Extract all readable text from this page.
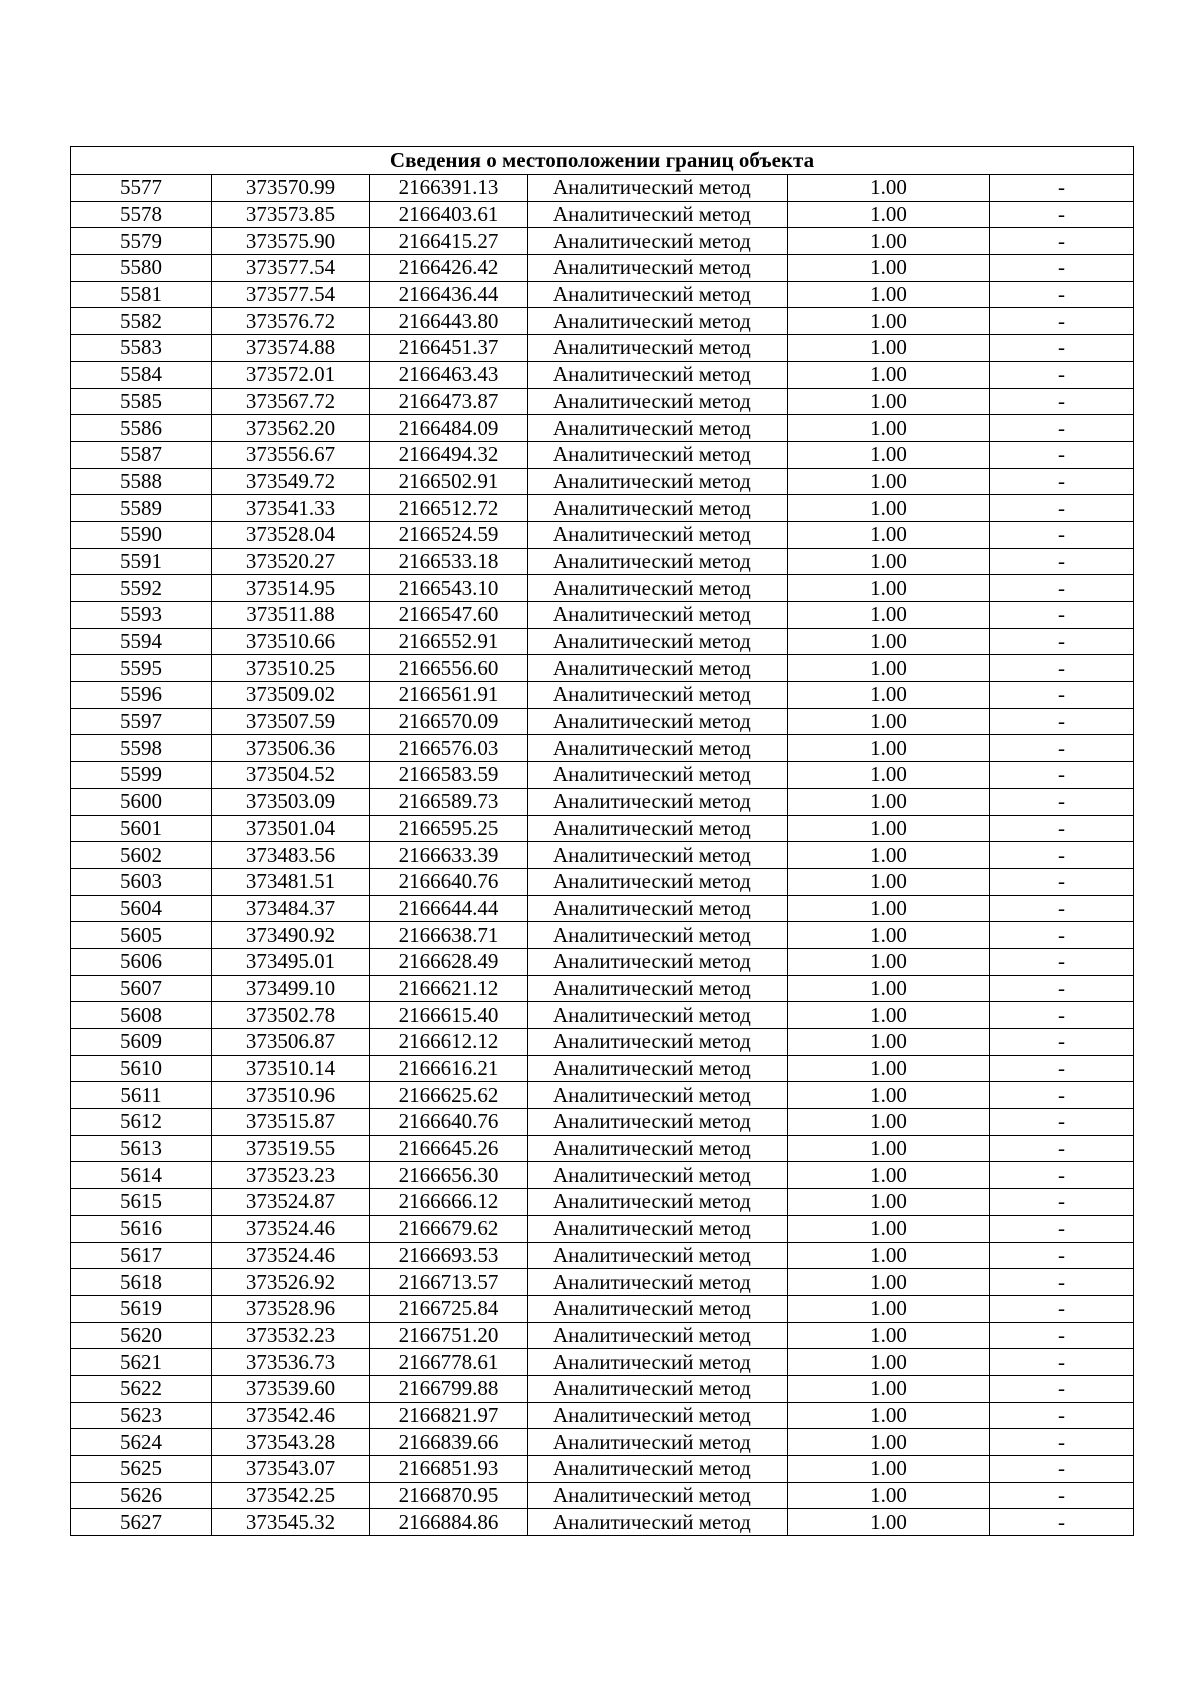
Сведения о местоположении границ объекта					
5577	373570.99	2166391.13	Аналитический метод	1.00	-
5578	373573.85	2166403.61	Аналитический метод	1.00	-
5579	373575.90	2166415.27	Аналитический метод	1.00	-
5580	373577.54	2166426.42	Аналитический метод	1.00	-
5581	373577.54	2166436.44	Аналитический метод	1.00	-
5582	373576.72	2166443.80	Аналитический метод	1.00	-
5583	373574.88	2166451.37	Аналитический метод	1.00	-
5584	373572.01	2166463.43	Аналитический метод	1.00	-
5585	373567.72	2166473.87	Аналитический метод	1.00	-
5586	373562.20	2166484.09	Аналитический метод	1.00	-
5587	373556.67	2166494.32	Аналитический метод	1.00	-
5588	373549.72	2166502.91	Аналитический метод	1.00	-
5589	373541.33	2166512.72	Аналитический метод	1.00	-
5590	373528.04	2166524.59	Аналитический метод	1.00	-
5591	373520.27	2166533.18	Аналитический метод	1.00	-
5592	373514.95	2166543.10	Аналитический метод	1.00	-
5593	373511.88	2166547.60	Аналитический метод	1.00	-
5594	373510.66	2166552.91	Аналитический метод	1.00	-
5595	373510.25	2166556.60	Аналитический метод	1.00	-
5596	373509.02	2166561.91	Аналитический метод	1.00	-
5597	373507.59	2166570.09	Аналитический метод	1.00	-
5598	373506.36	2166576.03	Аналитический метод	1.00	-
5599	373504.52	2166583.59	Аналитический метод	1.00	-
5600	373503.09	2166589.73	Аналитический метод	1.00	-
5601	373501.04	2166595.25	Аналитический метод	1.00	-
5602	373483.56	2166633.39	Аналитический метод	1.00	-
5603	373481.51	2166640.76	Аналитический метод	1.00	-
5604	373484.37	2166644.44	Аналитический метод	1.00	-
5605	373490.92	2166638.71	Аналитический метод	1.00	-
5606	373495.01	2166628.49	Аналитический метод	1.00	-
5607	373499.10	2166621.12	Аналитический метод	1.00	-
5608	373502.78	2166615.40	Аналитический метод	1.00	-
5609	373506.87	2166612.12	Аналитический метод	1.00	-
5610	373510.14	2166616.21	Аналитический метод	1.00	-
5611	373510.96	2166625.62	Аналитический метод	1.00	-
5612	373515.87	2166640.76	Аналитический метод	1.00	-
5613	373519.55	2166645.26	Аналитический метод	1.00	-
5614	373523.23	2166656.30	Аналитический метод	1.00	-
5615	373524.87	2166666.12	Аналитический метод	1.00	-
5616	373524.46	2166679.62	Аналитический метод	1.00	-
5617	373524.46	2166693.53	Аналитический метод	1.00	-
5618	373526.92	2166713.57	Аналитический метод	1.00	-
5619	373528.96	2166725.84	Аналитический метод	1.00	-
5620	373532.23	2166751.20	Аналитический метод	1.00	-
5621	373536.73	2166778.61	Аналитический метод	1.00	-
5622	373539.60	2166799.88	Аналитический метод	1.00	-
5623	373542.46	2166821.97	Аналитический метод	1.00	-
5624	373543.28	2166839.66	Аналитический метод	1.00	-
5625	373543.07	2166851.93	Аналитический метод	1.00	-
5626	373542.25	2166870.95	Аналитический метод	1.00	-
5627	373545.32	2166884.86	Аналитический метод	1.00	-
